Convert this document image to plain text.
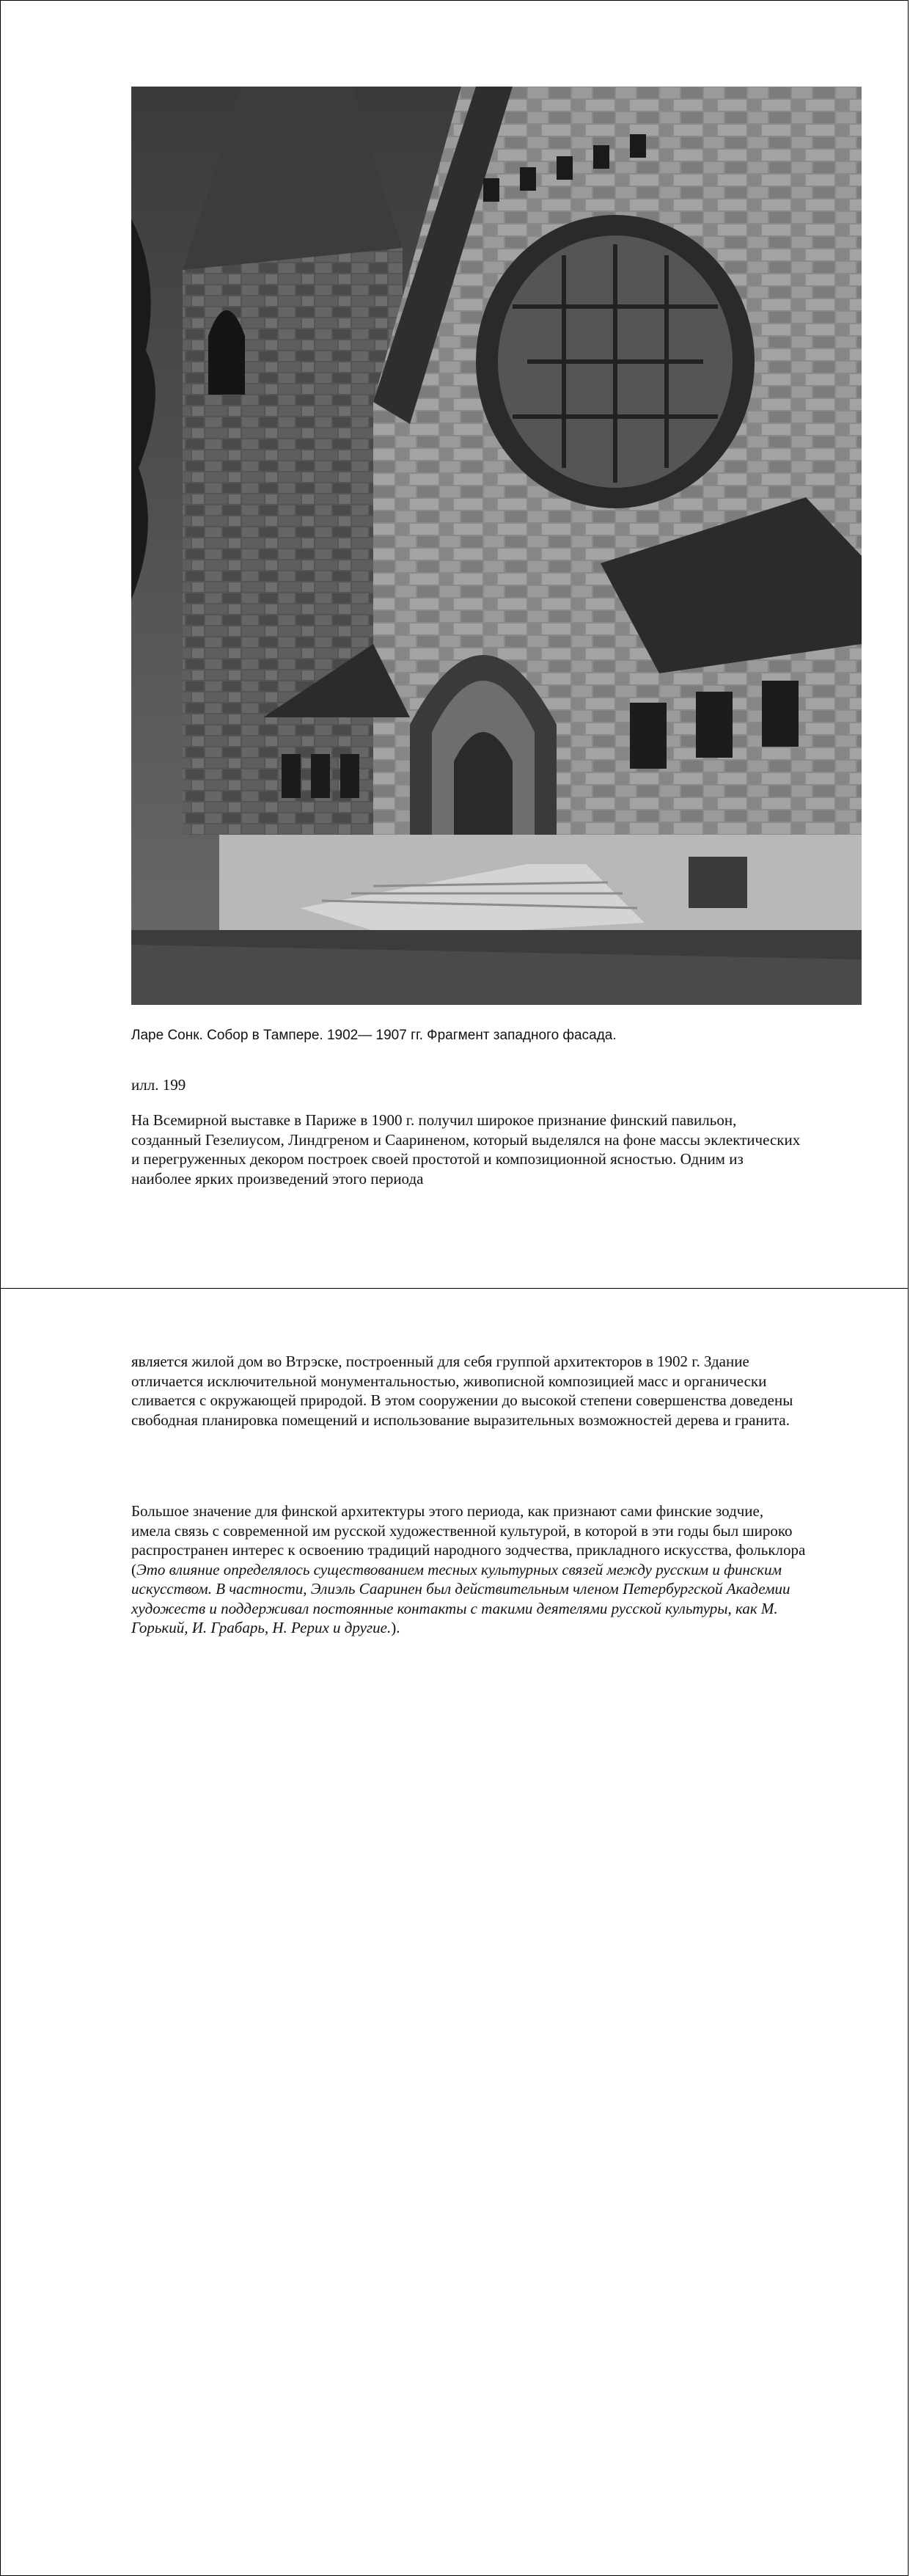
Ларе Сонк. Собор в Тампере. 1902— 1907 гг. Фрагмент западного фасада.
илл. 199

На Всемирной выставке в Париже в 1900 г. получил широкое признание финский павильон, созданный Гезелиусом, Линдгреном и Саариненом, который выделялся на фоне массы эклектических и перегруженных декором построек своей простотой и композиционной ясностью. Одним из наиболее ярких произведений этого периода

является жилой дом во Втрэске, построенный для себя группой архитекторов в 1902 г. Здание отличается исключительной монументальностью, живописной композицией масс и органически сливается с окружающей природой. В этом сооружении до высокой степени совершенства доведены свободная планировка помещений и использование выразительных возможностей дерева и гранита.

Большое значение для финской архитектуры этого периода, как признают сами финские зодчие, имела связь с современной им русской художественной культурой, в которой в эти годы был широко распространен интерес к освоению традиций народного зодчества, прикладного искусства, фольклора (Это влияние определялось существованием тесных культурных связей между русским и финским искусством. В частности, Элиэль Сааринен был действительным членом Петербургской Академии художеств и поддерживал постоянные контакты с такими деятелями русской культуры, как М. Горький, И. Грабарь, Н. Рерих и другие.).
